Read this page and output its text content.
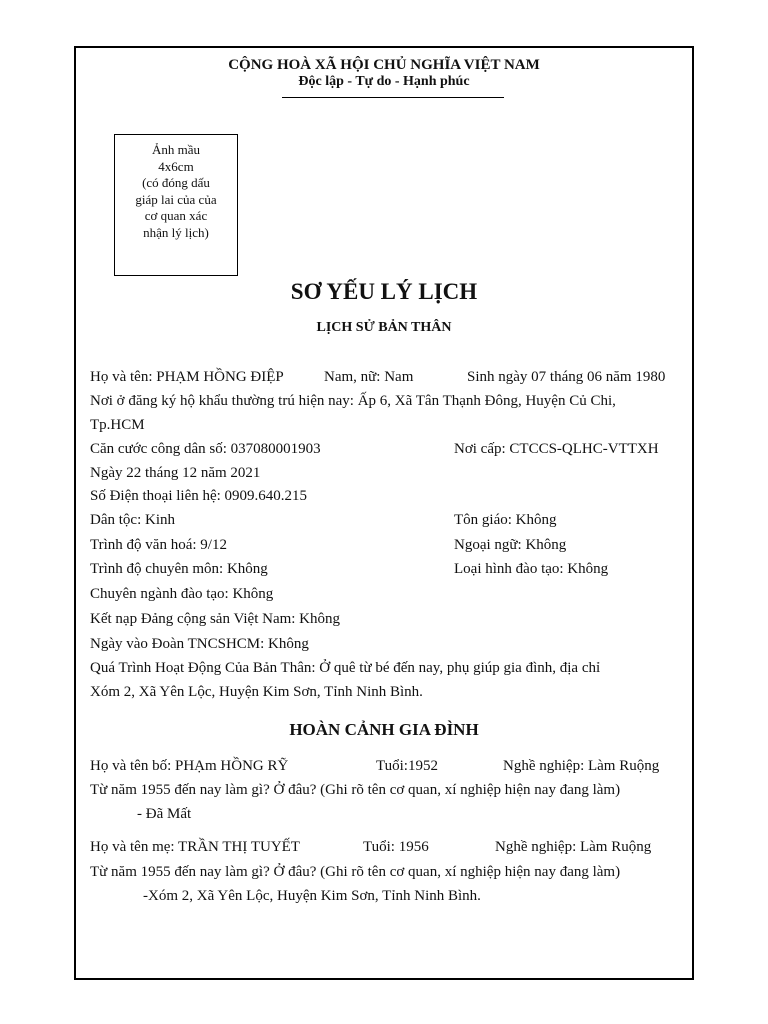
CỘNG HOÀ XÃ HỘI CHỦ NGHĨA VIỆT NAM
Độc lập - Tự do - Hạnh phúc
Ảnh mầu
4x6cm
(có đóng dấu
giáp lai của của
cơ quan xác
nhận lý lịch)
SƠ YẾU LÝ LỊCH
LỊCH SỬ BẢN THÂN
Họ và tên: PHẠM HỒNG ĐIỆP	Nam, nữ: Nam	Sinh ngày 07 tháng 06 năm 1980
Nơi ở đăng ký hộ khẩu thường trú hiện nay: Ấp 6, Xã Tân Thạnh Đông, Huyện Củ Chi,
Tp.HCM
Căn cước công dân số: 037080001903	Nơi cấp: CTCCS-QLHC-VTTXH
Ngày 22 tháng 12 năm 2021
Số Điện thoại liên hệ: 0909.640.215
Dân tộc: Kinh	Tôn giáo: Không
Trình độ văn hoá: 9/12	Ngoại ngữ: Không
Trình độ chuyên môn: Không	Loại hình đào tạo: Không
Chuyên ngành đào tạo: Không
Kết nạp Đảng cộng sản Việt Nam: Không
Ngày vào Đoàn TNCSHCM: Không
Quá Trình Hoạt Động Của Bản Thân: Ở quê từ bé đến nay, phụ giúp gia đình, địa chỉ
Xóm 2, Xã Yên Lộc, Huyện Kim Sơn, Tỉnh Ninh Bình.
HOÀN CẢNH GIA ĐÌNH
Họ và tên bố: PHẠm HỒNG RỸ	Tuổi:1952	Nghề nghiệp: Làm Ruộng
Từ năm 1955 đến nay làm gì? Ở đâu? (Ghi rõ tên cơ quan, xí nghiệp hiện nay đang làm)
- Đã Mất
Họ và tên mẹ: TRẦN THỊ TUYẾT	Tuổi: 1956	Nghề nghiệp: Làm Ruộng
Từ năm 1955 đến nay làm gì? Ở đâu? (Ghi rõ tên cơ quan, xí nghiệp hiện nay đang làm)
-Xóm 2, Xã Yên Lộc, Huyện Kim Sơn, Tỉnh Ninh Bình.
